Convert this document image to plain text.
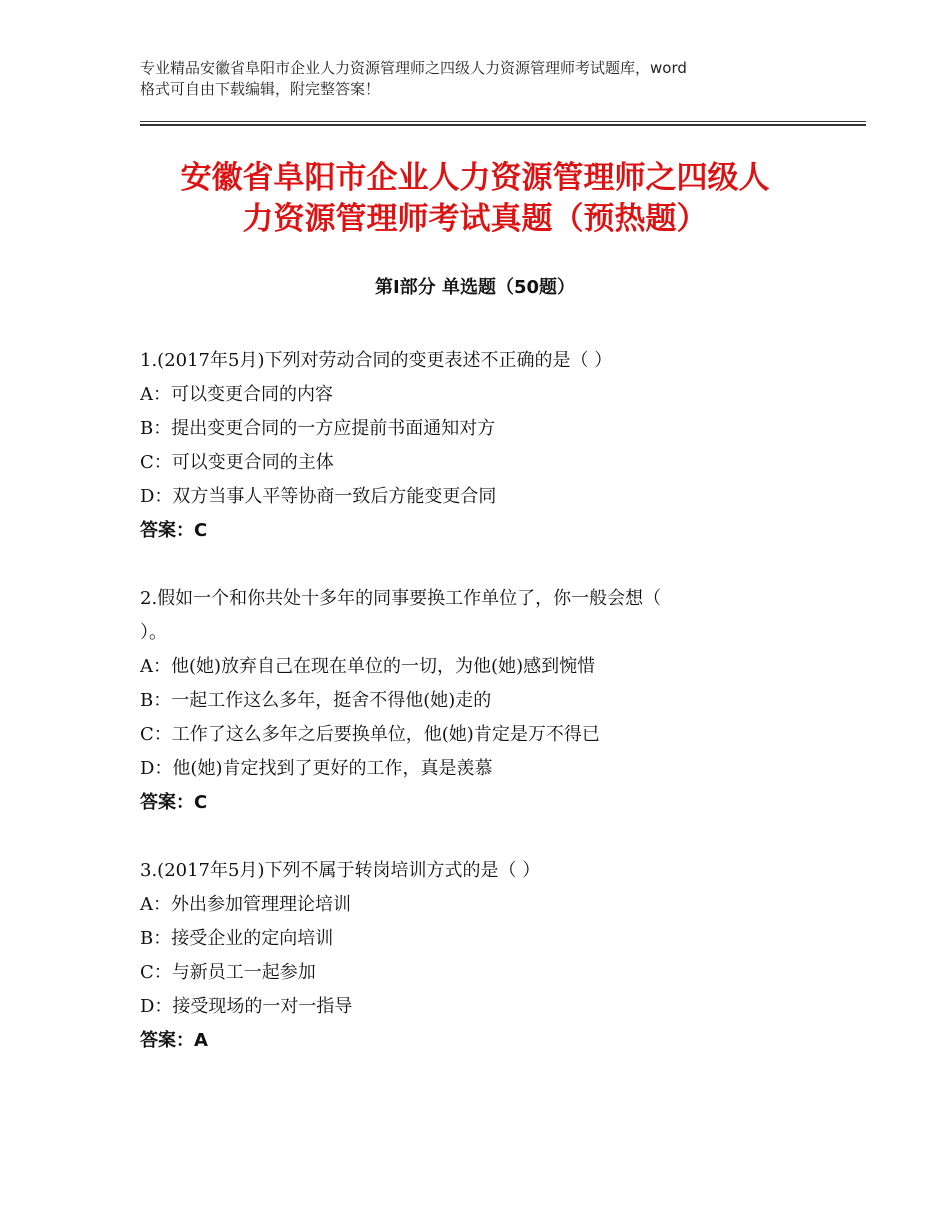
专业精品安徽省阜阳市企业人力资源管理师之四级人力资源管理师考试题库，word
格式可自由下载编辑，附完整答案！
安徽省阜阳市企业人力资源管理师之四级人
力资源管理师考试真题（预热题）
第Ⅰ部分 单选题（50题）
1.(2017年5月)下列对劳动合同的变更表述不正确的是（ ）
A：可以变更合同的内容
B：提出变更合同的一方应提前书面通知对方
C：可以变更合同的主体
D：双方当事人平等协商一致后方能变更合同
答案：C
2.假如一个和你共处十多年的同事要换工作单位了，你一般会想（
）。
A：他(她)放弃自己在现在单位的一切，为他(她)感到惋惜
B：一起工作这么多年，挺舍不得他(她)走的
C：工作了这么多年之后要换单位，他(她)肯定是万不得已
D：他(她)肯定找到了更好的工作，真是羡慕
答案：C
3.(2017年5月)下列不属于转岗培训方式的是（ ）
A：外出参加管理理论培训
B：接受企业的定向培训
C：与新员工一起参加
D：接受现场的一对一指导
答案：A
